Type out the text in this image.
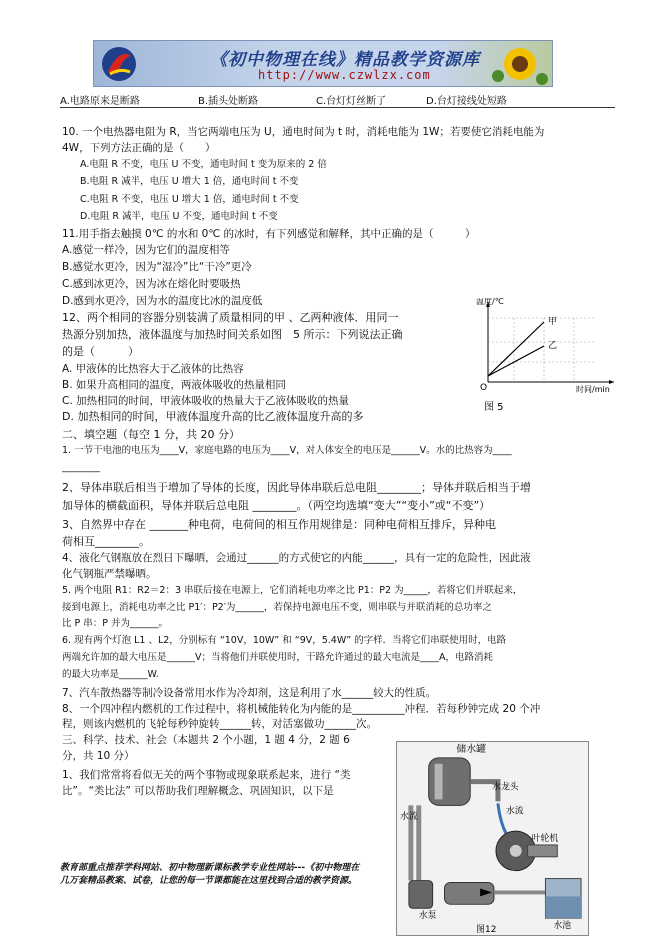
《初中物理在线》精品教学资源库
http://www.czwlzx.com
A.电路原来是断路	B.插头处断路	C.台灯灯丝断了	D.台灯接线处短路
10. 一个电热器电阻为 R，当它两端电压为 U，通电时间为 t 时，消耗电能为 1W；若要使它消耗电能为
4W，下列方法正确的是（　　）
A.电阻 R 不变，电压 U 不变，通电时间 t 变为原来的 2 倍
B.电阻 R 减半，电压 U 增大 1 倍，通电时间 t 不变
C.电阻 R 不变，电压 U 增大 1 倍，通电时间 t 不变
D.电阻 R 减半，电压 U 不变，通电时间 t 不变
11.用手指去触摸 0℃ 的水和 0℃ 的冰时，有下列感觉和解释，其中正确的是（　　　）
A.感觉一样冷，因为它们的温度相等
B.感觉水更冷，因为“湿冷”比“干冷”更冷
C.感到冰更冷，因为冰在熔化时要吸热
D.感到水更冷，因为水的温度比冰的温度低
12、两个相同的容器分别装满了质量相同的甲 、乙两种液体．用同一
热源分别加热，液体温度与加热时间关系如图　5 所示：下列说法正确
的是（　　　）
A. 甲液体的比热容大于乙液体的比热容
B. 如果升高相同的温度，两液体吸收的热量相同
C. 加热相同的时间，甲液体吸收的热量大于乙液体吸收的热量
D. 加热相同的时间，甲液体温度升高的比乙液体温度升高的多
温度/℃
时间/min
O
甲
乙
图 5
二、填空题（每空 1 分，共 20 分）
1. 一节干电池的电压为____V，家庭电路的电压为____V，对人体安全的电压是______V。水的比热容为____
________
2、导体串联后相当于增加了导体的长度，因此导体串联后总电阻________；导体并联后相当于增
加导体的横截面积，导体并联后总电阻 ________。（两空均选填“变大”“变小”或“不变”）
3、自然界中存在 _______种电荷，电荷间的相互作用规律是：同种电荷相互排斥，异种电
荷相互________。
4、液化气钢瓶放在烈日下曝晒，会通过______的方式使它的内能______，具有一定的危险性，因此液
化气钢瓶严禁曝晒。
5. 两个电阻 R1：R2＝2：3 串联后接在电源上，它们消耗电功率之比 P1：P2 为_____，若将它们并联起来，
接到电源上，消耗电功率之比 P1′：P2′为______，若保持电源电压不变，则串联与并联消耗的总功率之
比 P 串：P 并为______。
6. 现有两个灯泡 L1 、L2，分别标有 “10V，10W” 和 “9V，5.4W” 的字样．当将它们串联使用时，电路
两端允许加的最大电压是______V；当将他们并联使用时，干路允许通过的最大电流是____A，电路消耗
的最大功率是______W.
7、汽车散热器等制冷设备常用水作为冷却剂，这是利用了水______较大的性质。
8、一个四冲程内燃机的工作过程中，将机械能转化为内能的是__________冲程．若每秒钟完成 20 个冲
程，则该内燃机的飞轮每秒钟旋转______转，对活塞做功______次。
三、科学、技术、社会（本题共 2 个小题，1 题 4 分，2 题 6
分，共 10 分）
1、我们常常将看似无关的两个事物或现象联系起来，进行 “类
比”。“类比法” 可以帮助我们理解概念、巩固知识，以下是
储水罐
水龙头
水流
叶轮机
水流
水泵
水池
图12
教育部重点推荐学科网站、初中物理新课标教学专业性网站---《初中物理在
几万套精品教案、试卷，让您的每一节课都能在这里找到合适的教学资源。
